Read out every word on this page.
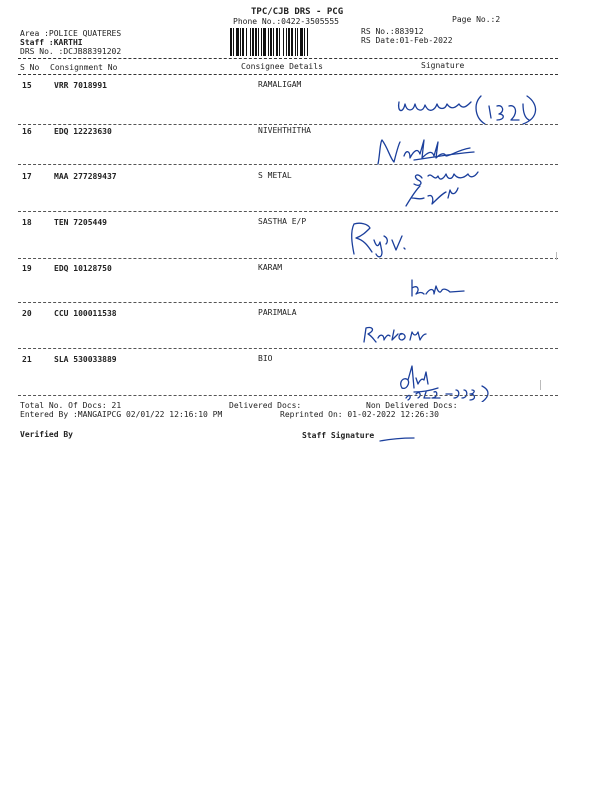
TPC/CJB DRS - PCG
Phone No.:0422-3505555	Page No.:2
Area :POLICE QUATERES
Staff :KARTHI
DRS No. :DCJB88391202
RS No.:883912
RS Date:01-Feb-2022
S No Consignment No	Consignee Details	Signature
15	VRR 7018991	RAMALIGAM
16	EDQ 12223630	NIVEHTHITHA
17	MAA 277289437	S METAL
18	TEN 7205449	SASTHA E/P
19	EDQ 10128750	KARAM
20	CCU 100011538	PARIMALA
21	SLA 530033889	BIO
Total No. Of Docs: 21	Delivered Docs:	Non Delivered Docs:
Entered By :MANGAIPCG 02/01/22 12:16:10 PM	Reprinted On: 01-02-2022 12:26:30
Verified By	Staff Signature
